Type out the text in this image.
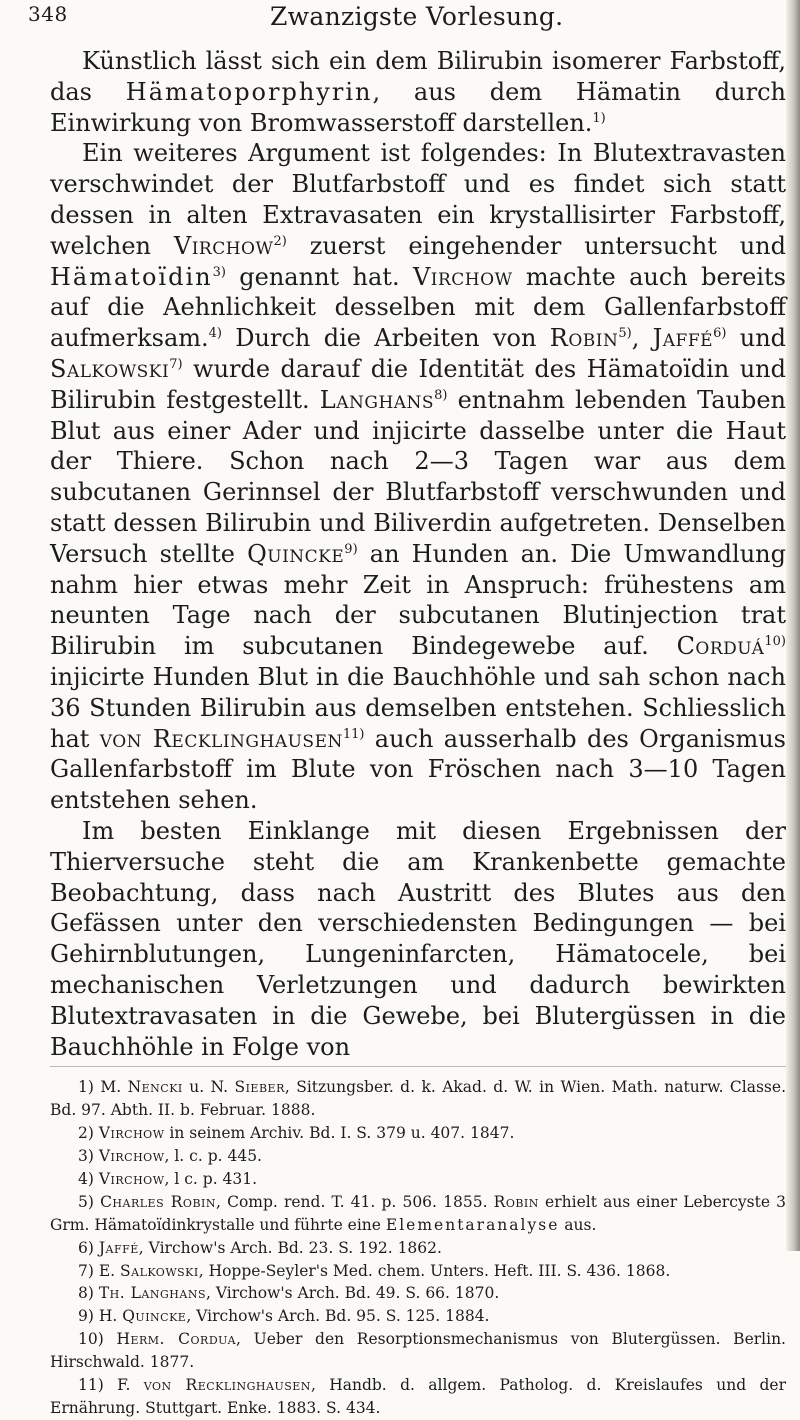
348	Zwanzigste Vorlesung.

Künstlich lässt sich ein dem Bilirubin isomerer Farbstoff, das Hämatoporphyrin, aus dem Hämatin durch Einwirkung von Bromwasserstoff darstellen.$^{1)}$

Ein weiteres Argument ist folgendes: In Blutextravasten verschwindet der Blutfarbstoff und es findet sich statt dessen in alten Extravasaten ein krystallisirter Farbstoff, welchen Virchow$^{2)}$ zuerst eingehender untersucht und Hämatoïdin$^{3)}$ genannt hat. Virchow machte auch bereits auf die Aehnlichkeit desselben mit dem Gallenfarbstoff aufmerksam.$^{4)}$ Durch die Arbeiten von Robin$^{5)}$, Jaffé$^{6)}$ und Salkowski$^{7)}$ wurde darauf die Identität des Hämatoïdin und Bilirubin festgestellt. Langhans$^{8)}$ entnahm lebenden Tauben Blut aus einer Ader und injicirte dasselbe unter die Haut der Thiere. Schon nach 2—3 Tagen war aus dem subcutanen Gerinnsel der Blutfarbstoff verschwunden und statt dessen Bilirubin und Biliverdin aufgetreten. Denselben Versuch stellte Quincke$^{9)}$ an Hunden an. Die Umwandlung nahm hier etwas mehr Zeit in Anspruch: frühestens am neunten Tage nach der subcutanen Blutinjection trat Bilirubin im subcutanen Bindegewebe auf. Corduá$^{10)}$ injicirte Hunden Blut in die Bauchhöhle und sah schon nach 36 Stunden Bilirubin aus demselben entstehen. Schliesslich hat von Recklinghausen$^{11)}$ auch ausserhalb des Organismus Gallenfarbstoff im Blute von Fröschen nach 3—10 Tagen entstehen sehen.

Im besten Einklange mit diesen Ergebnissen der Thierversuche steht die am Krankenbette gemachte Beobachtung, dass nach Austritt des Blutes aus den Gefässen unter den verschiedensten Bedingungen — bei Gehirnblutungen, Lungeninfarcten, Hämatocele, bei mechanischen Verletzungen und dadurch bewirkten Blutextravasaten in die Gewebe, bei Blutergüssen in die Bauchhöhle in Folge von

1) M. Nencki u. N. Sieber, Sitzungsber. d. k. Akad. d. W. in Wien. Math. naturw. Classe. Bd. 97. Abth. II. b. Februar. 1888.

2) Virchow in seinem Archiv. Bd. I. S. 379 u. 407. 1847.

3) Virchow, l. c. p. 445.

4) Virchow, l c. p. 431.

5) Charles Robin, Comp. rend. T. 41. p. 506. 1855. Robin erhielt aus einer Lebercyste 3 Grm. Hämatoïdinkrystalle und führte eine Elementaranalyse aus.

6) Jaffé, Virchow's Arch. Bd. 23. S. 192. 1862.

7) E. Salkowski, Hoppe-Seyler's Med. chem. Unters. Heft. III. S. 436. 1868.

8) Th. Langhans, Virchow's Arch. Bd. 49. S. 66. 1870.

9) H. Quincke, Virchow's Arch. Bd. 95. S. 125. 1884.

10) Herm. Cordua, Ueber den Resorptionsmechanismus von Blutergüssen. Berlin. Hirschwald. 1877.

11) F. von Recklinghausen, Handb. d. allgem. Patholog. d. Kreislaufes und der Ernährung. Stuttgart. Enke. 1883. S. 434.
